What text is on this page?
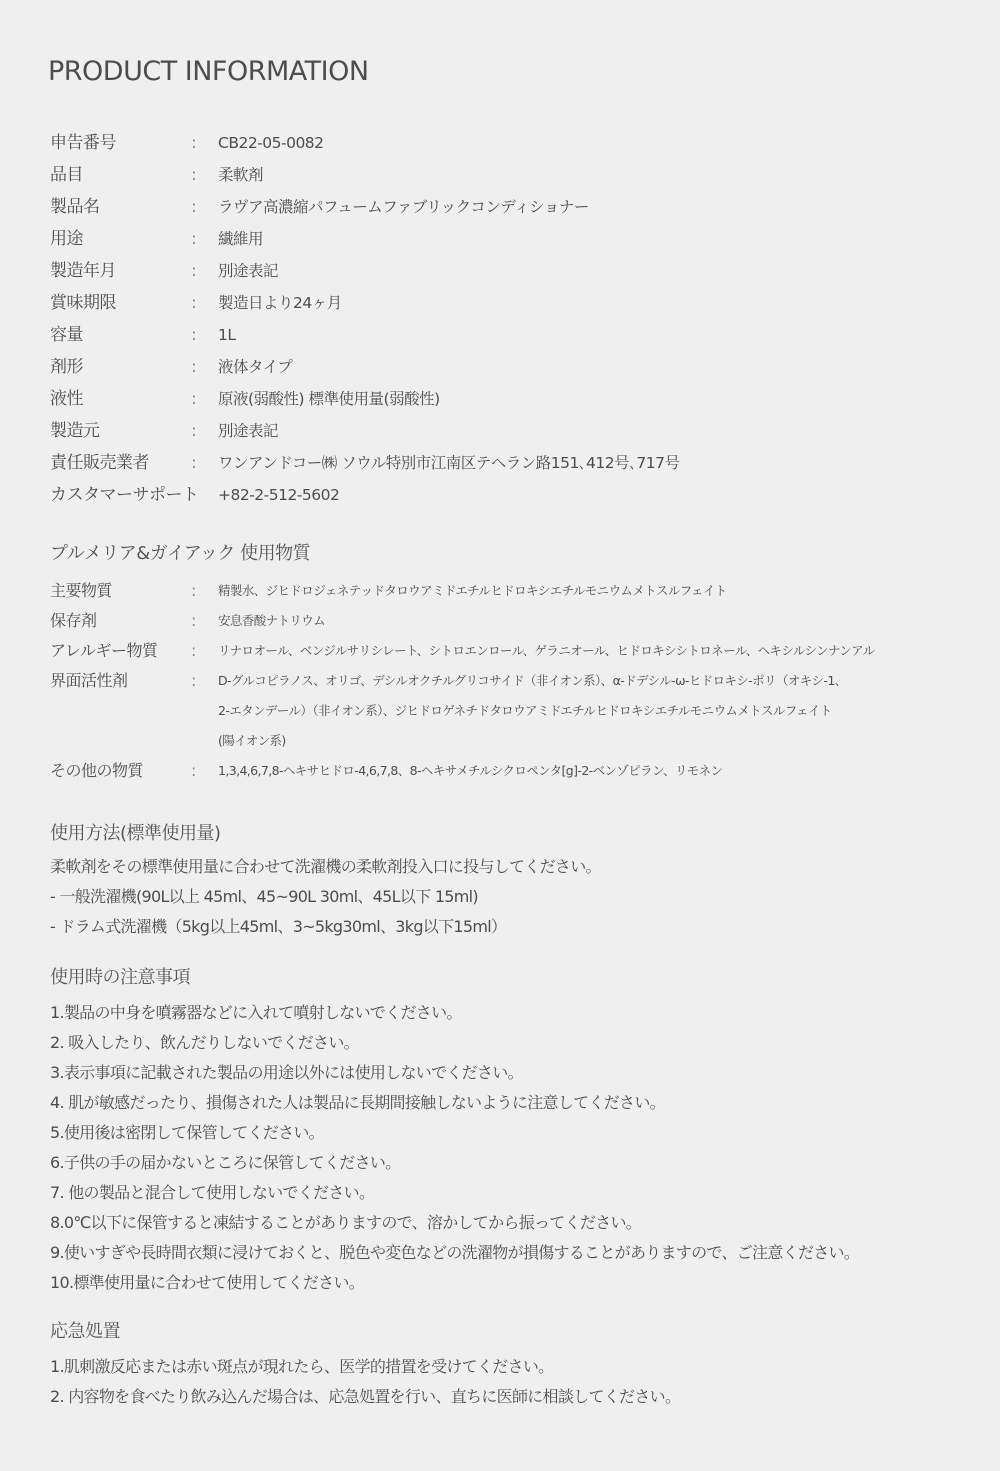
PRODUCT INFORMATION
申告番号	: CB22-05-0082
品目	: 柔軟剤
製品名	: ラヴア高濃縮パフュームファブリックコンディショナー
用途	: 繊維用
製造年月	: 別途表記
賞味期限	: 製造日より24ヶ月
容量	: 1L
剤形	: 液体タイプ
液性	: 原液(弱酸性) 標準使用量(弱酸性)
製造元	: 別途表記
責任販売業者 : ワンアンドコー㈱ ソウル特別市江南区テヘラン路151､412号､717号
カスタマーサポート +82-2-512-5602
プルメリア&ガイアック 使用物質
主要物質	: 精製水、ジヒドロジェネテッドタロウアミドエチルヒドロキシエチルモニウムメトスルフェイト
保存剤	: 安息香酸ナトリウム
アレルギー物質 : リナロオール、ベンジルサリシレート、シトロエンロール、ゲラニオール、ヒドロキシシトロネール、ヘキシルシンナンアル
界面活性剤	: D-グルコピラノス、オリゴ、デシルオクチルグリコサイド（非イオン系）、α-ドデシル-ω-ヒドロキシ-ポリ（オキシ-1、
2-エタンデール）（非イオン系）、ジヒドロゲネチドタロウアミドエチルヒドロキシエチルモニウムメトスルフェイト
(陽イオン系)
その他の物質	: 1,3,4,6,7,8-ヘキサヒドロ-4,6,7,8、8-ヘキサメチルシクロペンタ[g]-2-ベンゾピラン、リモネン
使用方法(標準使用量)
柔軟剤をその標準使用量に合わせて洗濯機の柔軟剤投入口に投与してください。
- 一般洗濯機(90L以上 45ml、45~90L 30ml、45L以下 15ml)
- ドラム式洗濯機（5kg以上45ml、3~5kg30ml、3kg以下15ml）
使用時の注意事項
1.製品の中身を噴霧器などに入れて噴射しないでください。
2. 吸入したり、飲んだりしないでください。
3.表示事項に記載された製品の用途以外には使用しないでください。
4. 肌が敏感だったり、損傷された人は製品に長期間接触しないように注意してください。
5.使用後は密閉して保管してください。
6.子供の手の届かないところに保管してください。
7. 他の製品と混合して使用しないでください。
8.0℃以下に保管すると凍結することがありますので、溶かしてから振ってください。
9.使いすぎや長時間衣類に浸けておくと、脱色や変色などの洗濯物が損傷することがありますので、ご注意ください。
10.標準使用量に合わせて使用してください。
応急処置
1.肌刺激反応または赤い斑点が現れたら、医学的措置を受けてください。
2. 内容物を食べたり飲み込んだ場合は、応急処置を行い、直ちに医師に相談してください。
